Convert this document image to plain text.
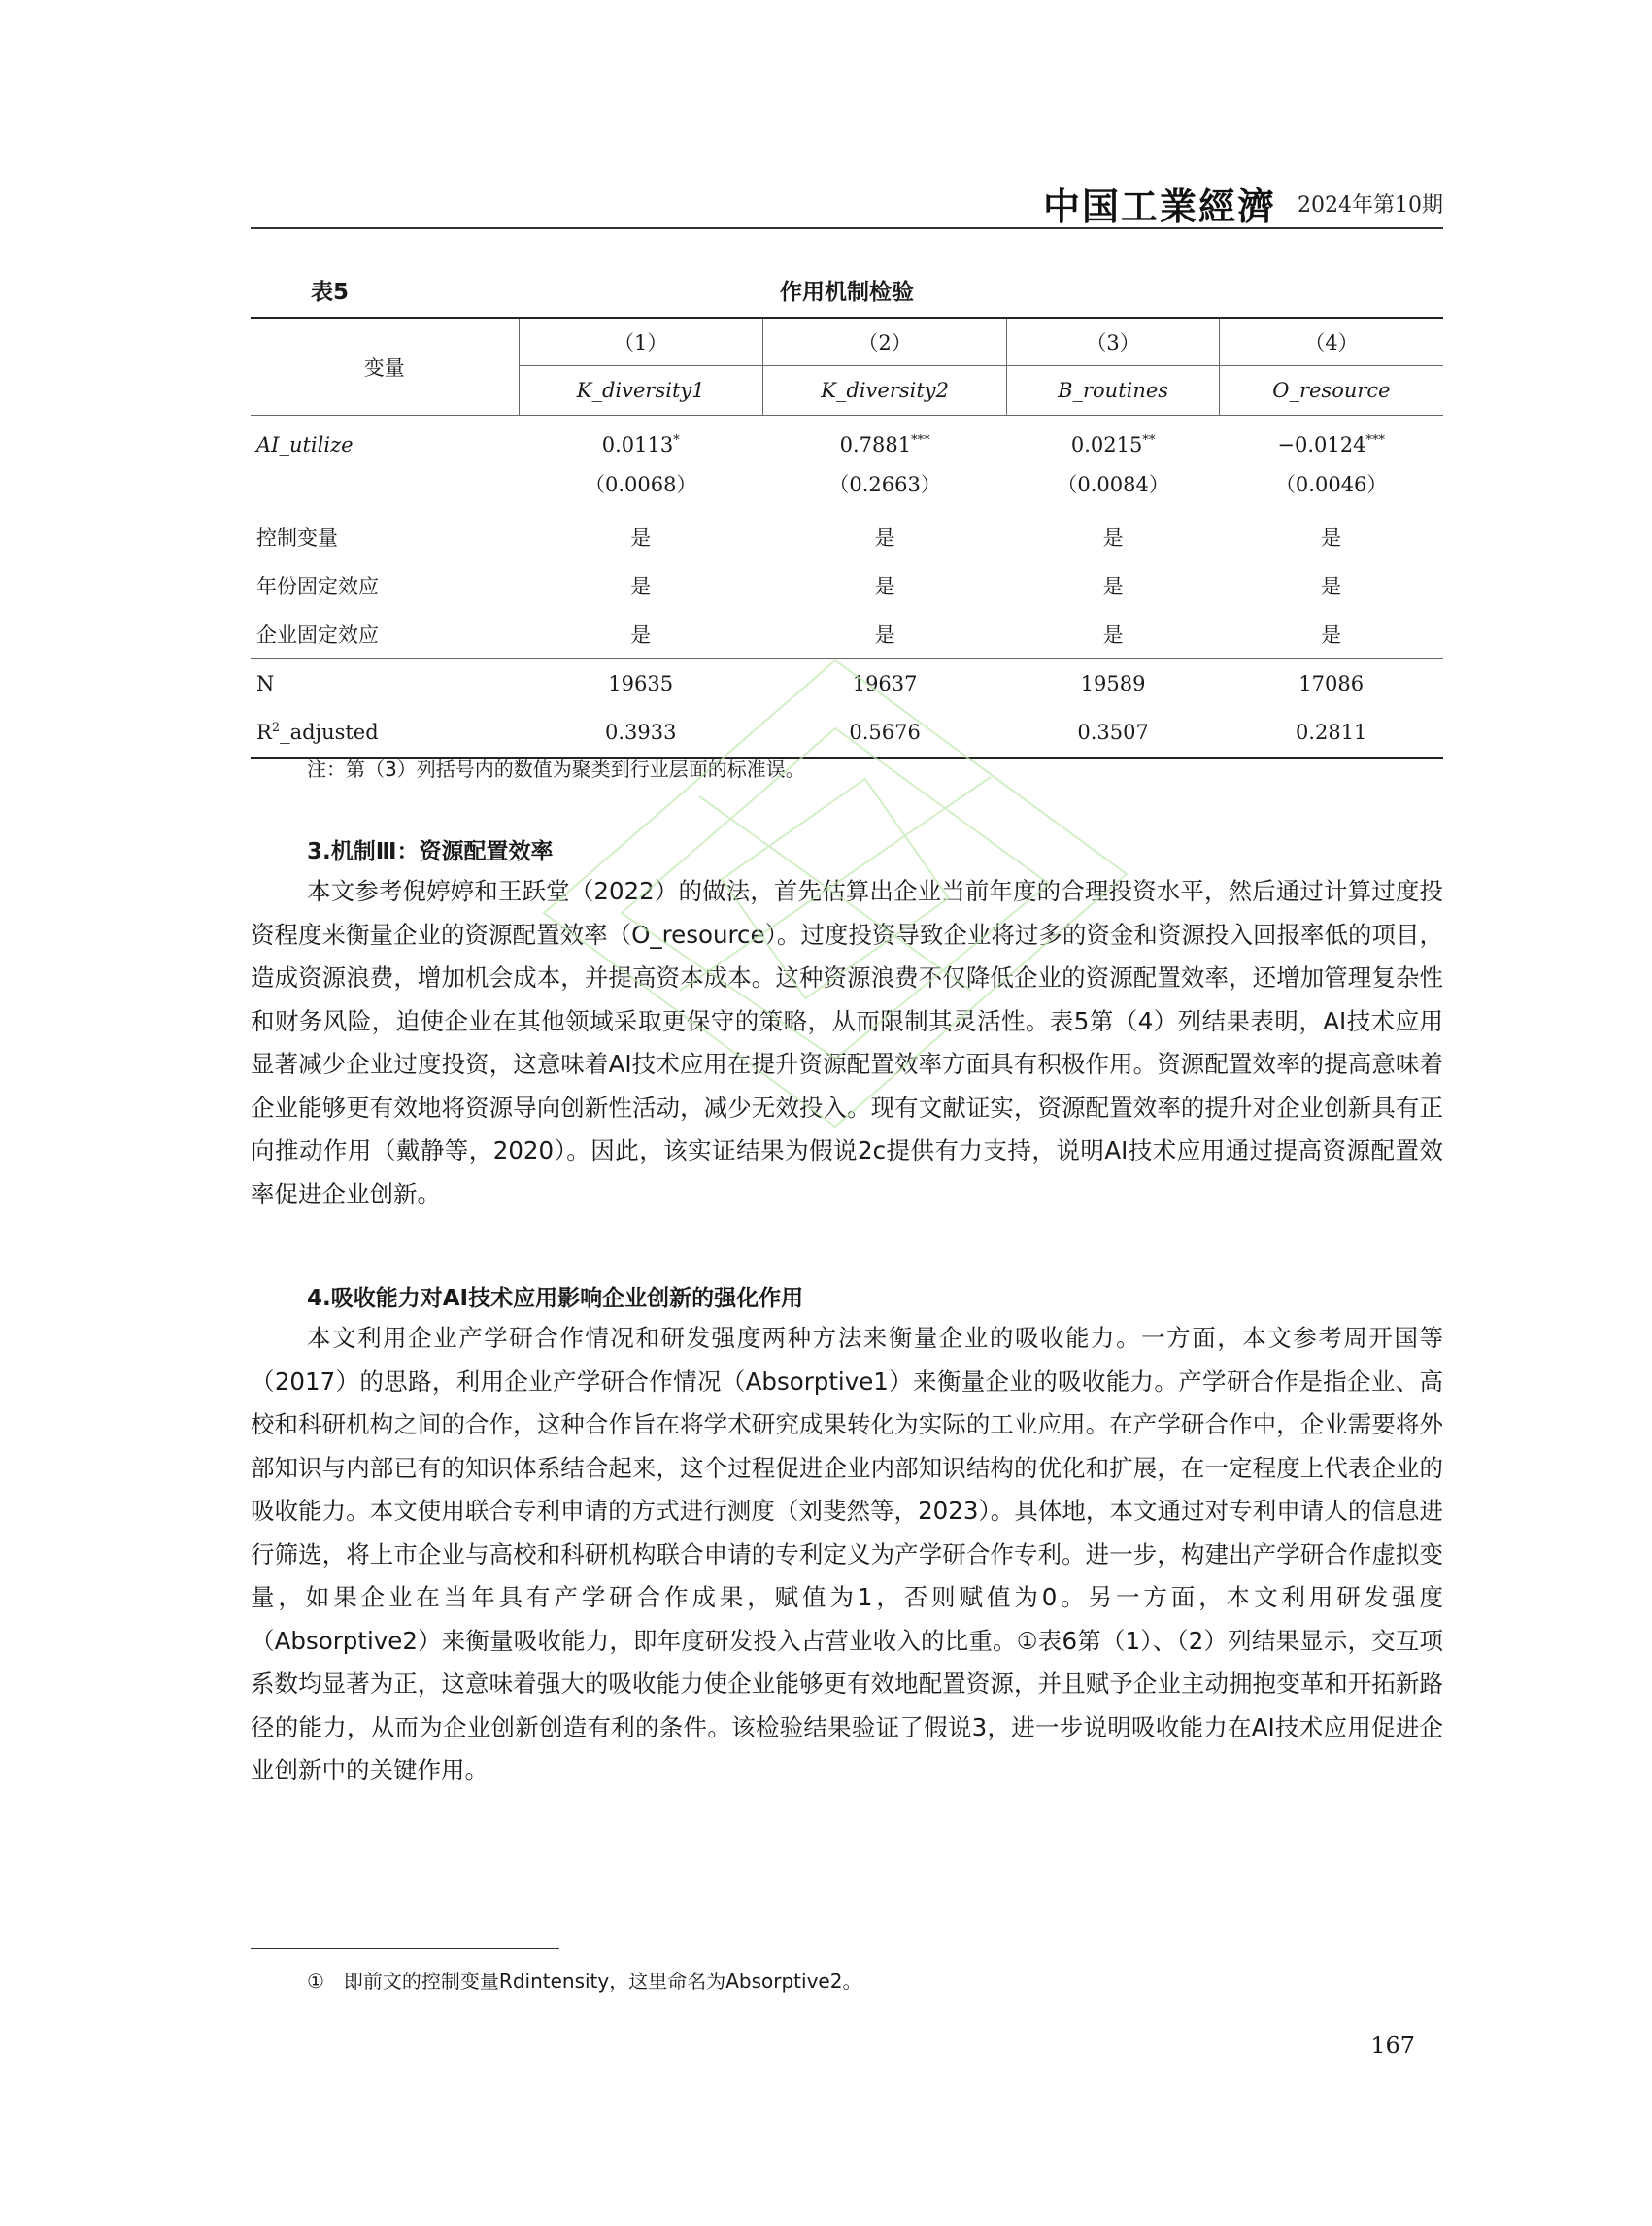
中国工業經濟 2024年第10期
表5	作用机制检验
变量	（1）	（2）	（3）	（4）
	K_diversity1	K_diversity2	B_routines	O_resource
AI_utilize	0.0113*	0.7881***	0.0215**	−0.0124***
	（0.0068）	（0.2663）	（0.0084）	（0.0046）
控制变量	是	是	是	是
年份固定效应	是	是	是	是
企业固定效应	是	是	是	是
N	19635	19637	19589	17086
$R^2\_adjusted$	0.3933	0.5676	0.3507	0.2811
注：第（3）列括号内的数值为聚类到行业层面的标准误。
3.机制Ⅲ：资源配置效率
本文参考倪婷婷和王跃堂（2022）的做法，首先估算出企业当前年度的合理投资水平，然后通过计算过度投资程度来衡量企业的资源配置效率（O_resource）。过度投资导致企业将过多的资金和资源投入回报率低的项目，造成资源浪费，增加机会成本，并提高资本成本。这种资源浪费不仅降低企业的资源配置效率，还增加管理复杂性和财务风险，迫使企业在其他领域采取更保守的策略，从而限制其灵活性。表5第（4）列结果表明，AI技术应用显著减少企业过度投资，这意味着AI技术应用在提升资源配置效率方面具有积极作用。资源配置效率的提高意味着企业能够更有效地将资源导向创新性活动，减少无效投入。现有文献证实，资源配置效率的提升对企业创新具有正向推动作用（戴静等，2020）。因此，该实证结果为假说2c提供有力支持，说明AI技术应用通过提高资源配置效率促进企业创新。
4.吸收能力对AI技术应用影响企业创新的强化作用
本文利用企业产学研合作情况和研发强度两种方法来衡量企业的吸收能力。一方面，本文参考周开国等（2017）的思路，利用企业产学研合作情况（Absorptive1）来衡量企业的吸收能力。产学研合作是指企业、高校和科研机构之间的合作，这种合作旨在将学术研究成果转化为实际的工业应用。在产学研合作中，企业需要将外部知识与内部已有的知识体系结合起来，这个过程促进企业内部知识结构的优化和扩展，在一定程度上代表企业的吸收能力。本文使用联合专利申请的方式进行测度（刘斐然等，2023）。具体地，本文通过对专利申请人的信息进行筛选，将上市企业与高校和科研机构联合申请的专利定义为产学研合作专利。进一步，构建出产学研合作虚拟变量，如果企业在当年具有产学研合作成果，赋值为1，否则赋值为0。另一方面，本文利用研发强度（Absorptive2）来衡量吸收能力，即年度研发投入占营业收入的比重。①表6第（1）、（2）列结果显示，交互项系数均显著为正，这意味着强大的吸收能力使企业能够更有效地配置资源，并且赋予企业主动拥抱变革和开拓新路径的能力，从而为企业创新创造有利的条件。该检验结果验证了假说3，进一步说明吸收能力在AI技术应用促进企业创新中的关键作用。
①　即前文的控制变量Rdintensity，这里命名为Absorptive2。
167
